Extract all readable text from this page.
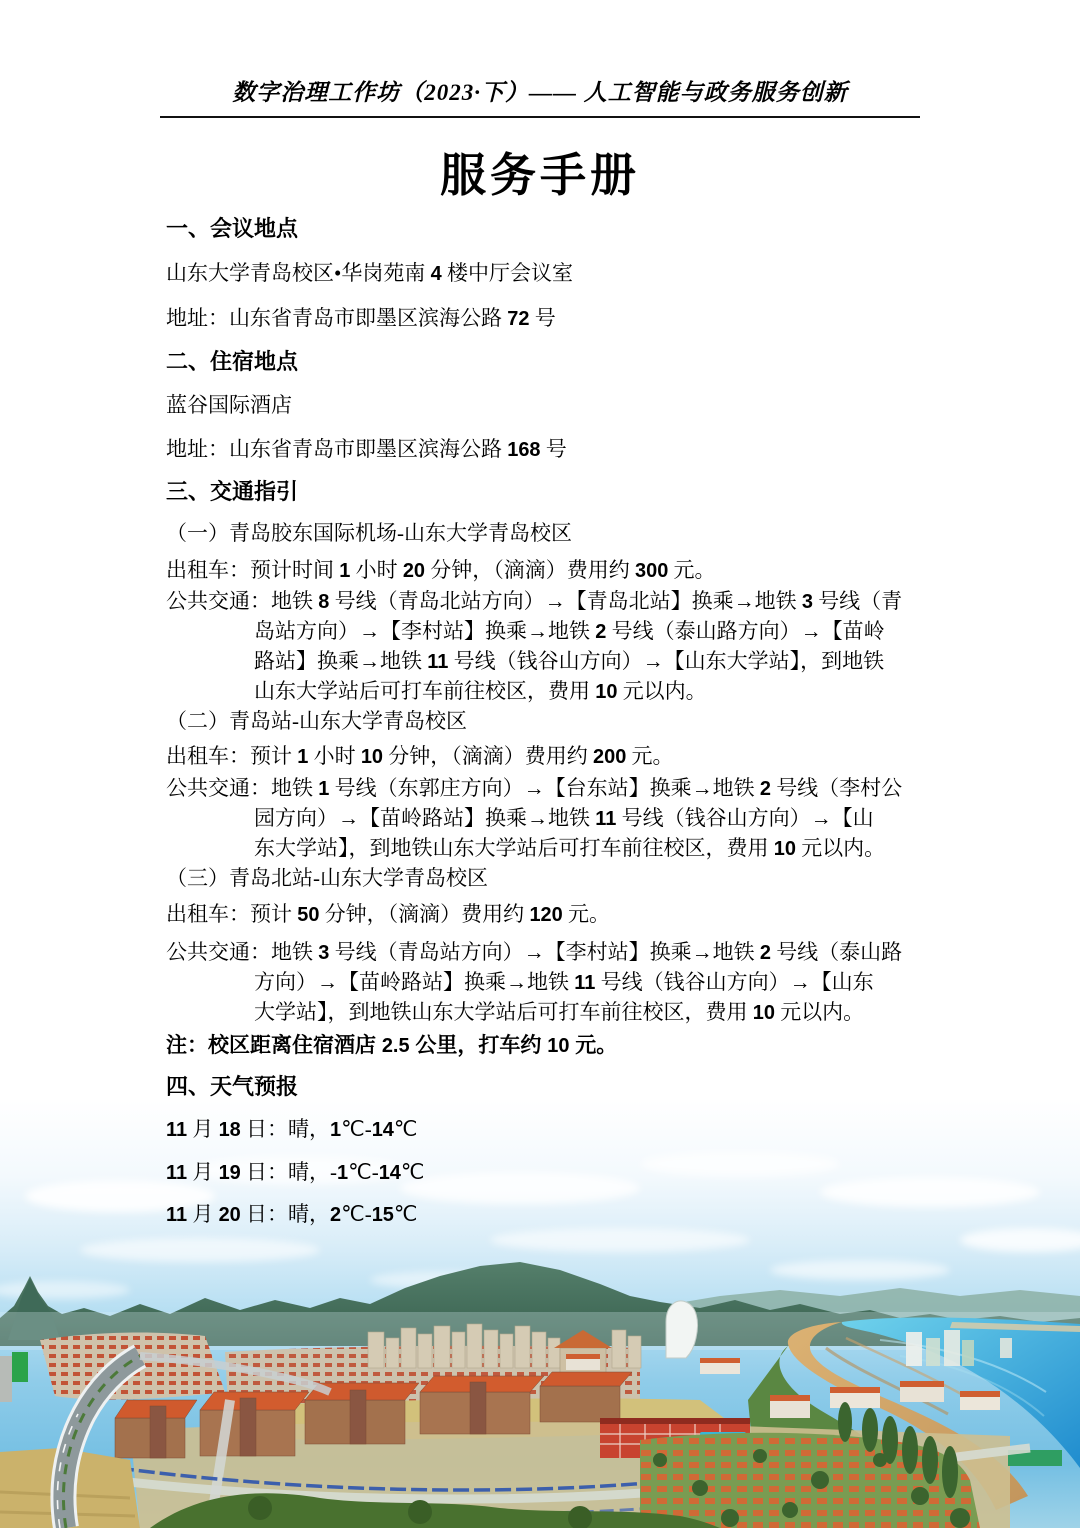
数字治理工作坊（2023·下）—— 人工智能与政务服务创新
服务手册
一、会议地点
山东大学青岛校区•华岗苑南 4 楼中厅会议室
地址：山东省青岛市即墨区滨海公路 72 号
二、住宿地点
蓝谷国际酒店
地址：山东省青岛市即墨区滨海公路 168 号
三、交通指引
（一）青岛胶东国际机场-山东大学青岛校区
出租车：预计时间 1 小时 20 分钟，（滴滴）费用约 300 元。
公共交通：地铁 8 号线（青岛北站方向）→【青岛北站】换乘→地铁 3 号线（青
岛站方向）→【李村站】换乘→地铁 2 号线（泰山路方向）→【苗岭
路站】换乘→地铁 11 号线（钱谷山方向）→【山东大学站】，到地铁
山东大学站后可打车前往校区，费用 10 元以内。
（二）青岛站-山东大学青岛校区
出租车：预计 1 小时 10 分钟，（滴滴）费用约 200 元。
公共交通：地铁 1 号线（东郭庄方向）→【台东站】换乘→地铁 2 号线（李村公
园方向）→【苗岭路站】换乘→地铁 11 号线（钱谷山方向）→【山
东大学站】，到地铁山东大学站后可打车前往校区，费用 10 元以内。
（三）青岛北站-山东大学青岛校区
出租车：预计 50 分钟，（滴滴）费用约 120 元。
公共交通：地铁 3 号线（青岛站方向）→【李村站】换乘→地铁 2 号线（泰山路
方向）→【苗岭路站】换乘→地铁 11 号线（钱谷山方向）→【山东
大学站】，到地铁山东大学站后可打车前往校区，费用 10 元以内。
注：校区距离住宿酒店 2.5 公里，打车约 10 元。
四、天气预报
11 月 18 日：晴，1℃-14℃
11 月 19 日：晴，-1℃-14℃
11 月 20 日：晴，2℃-15℃
